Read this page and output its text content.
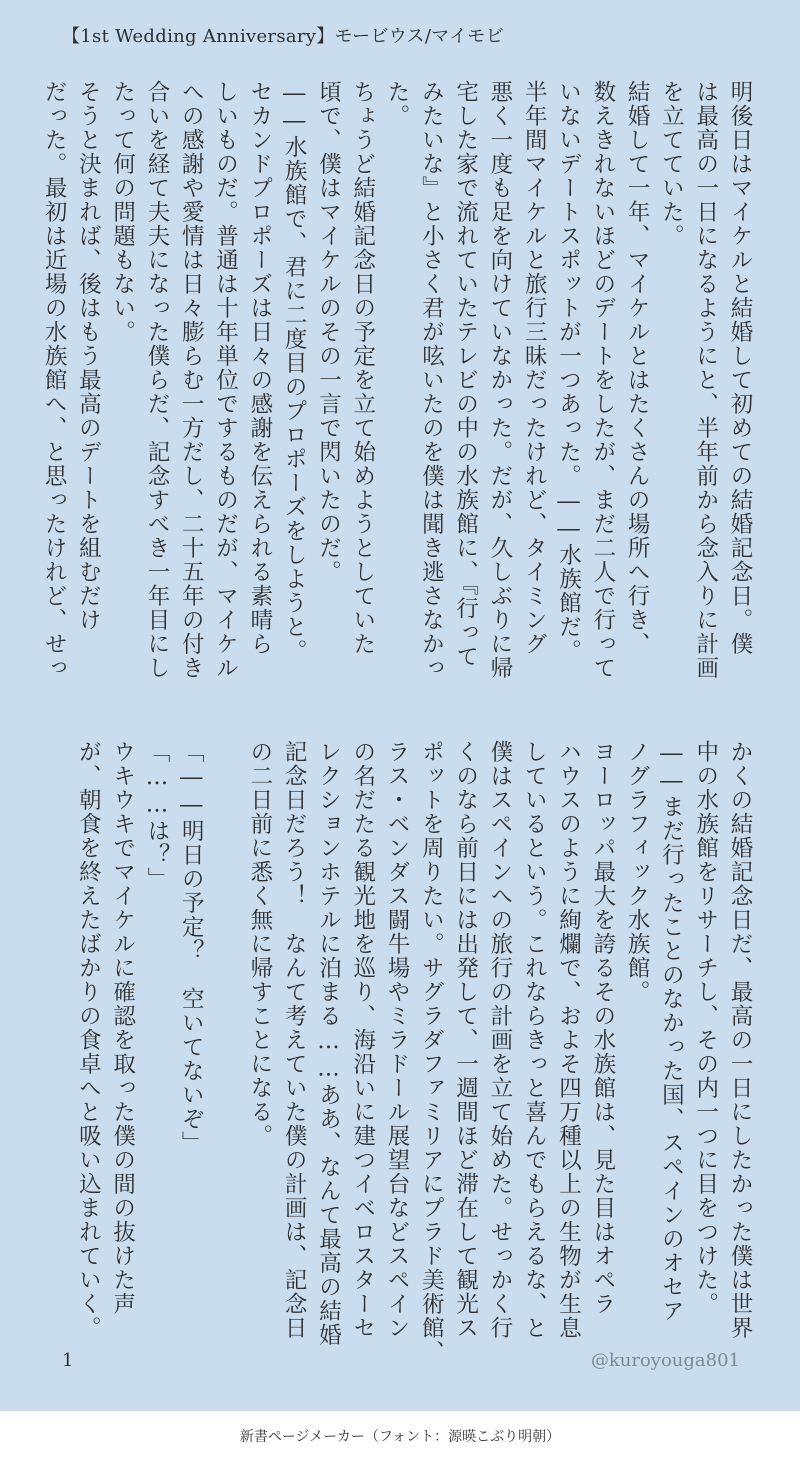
【1st Wedding Anniversary】モービウス/マイモビ
明後日はマイケルと結婚して初めての結婚記念日。僕
は最高の一日になるようにと、半年前から念入りに計画
を立てていた。
結婚して一年、マイケルとはたくさんの場所へ行き、
数えきれないほどのデートをしたが、まだ二人で行って
いないデートスポットが一つあった。――水族館だ。
半年間マイケルと旅行三昧だったけれど、タイミング
悪く一度も足を向けていなかった。だが、久しぶりに帰
宅した家で流れていたテレビの中の水族館に、『行って
みたいな』と小さく君が呟いたのを僕は聞き逃さなかっ
た。
ちょうど結婚記念日の予定を立て始めようとしていた
頃で、僕はマイケルのその一言で閃いたのだ。
――水族館で、君に二度目のプロポーズをしようと。
セカンドプロポーズは日々の感謝を伝えられる素晴ら
しいものだ。普通は十年単位でするものだが、マイケル
への感謝や愛情は日々膨らむ一方だし、二十五年の付き
合いを経て夫夫になった僕らだ、記念すべき一年目にし
たって何の問題もない。
そうと決まれば、後はもう最高のデートを組むだけ
だった。最初は近場の水族館へ、と思ったけれど、せっ
かくの結婚記念日だ、最高の一日にしたかった僕は世界
中の水族館をリサーチし、その内一つに目をつけた。
――まだ行ったことのなかった国、スペインのオセア
ノグラフィック水族館。
ヨーロッパ最大を誇るその水族館は、見た目はオペラ
ハウスのように絢爛で、およそ四万種以上の生物が生息
しているという。これならきっと喜んでもらえるな、と
僕はスペインへの旅行の計画を立て始めた。せっかく行
くのなら前日には出発して、一週間ほど滞在して観光ス
ポットを周りたい。サグラダファミリアにプラド美術館、
ラス・ベンダス闘牛場やミラドール展望台などスペイン
の名だたる観光地を巡り、海沿いに建つイベロスターセ
レクションホテルに泊まる……ああ、なんて最高の結婚
記念日だろう！　なんて考えていた僕の計画は、記念日
の二日前に悉く無に帰すことになる。

「――明日の予定？　空いてないぞ」
「……は？」
ウキウキでマイケルに確認を取った僕の間の抜けた声
が、朝食を終えたばかりの食卓へと吸い込まれていく。
1	@kuroyouga801
新書ページメーカー（フォント：源暎こぶり明朝）
